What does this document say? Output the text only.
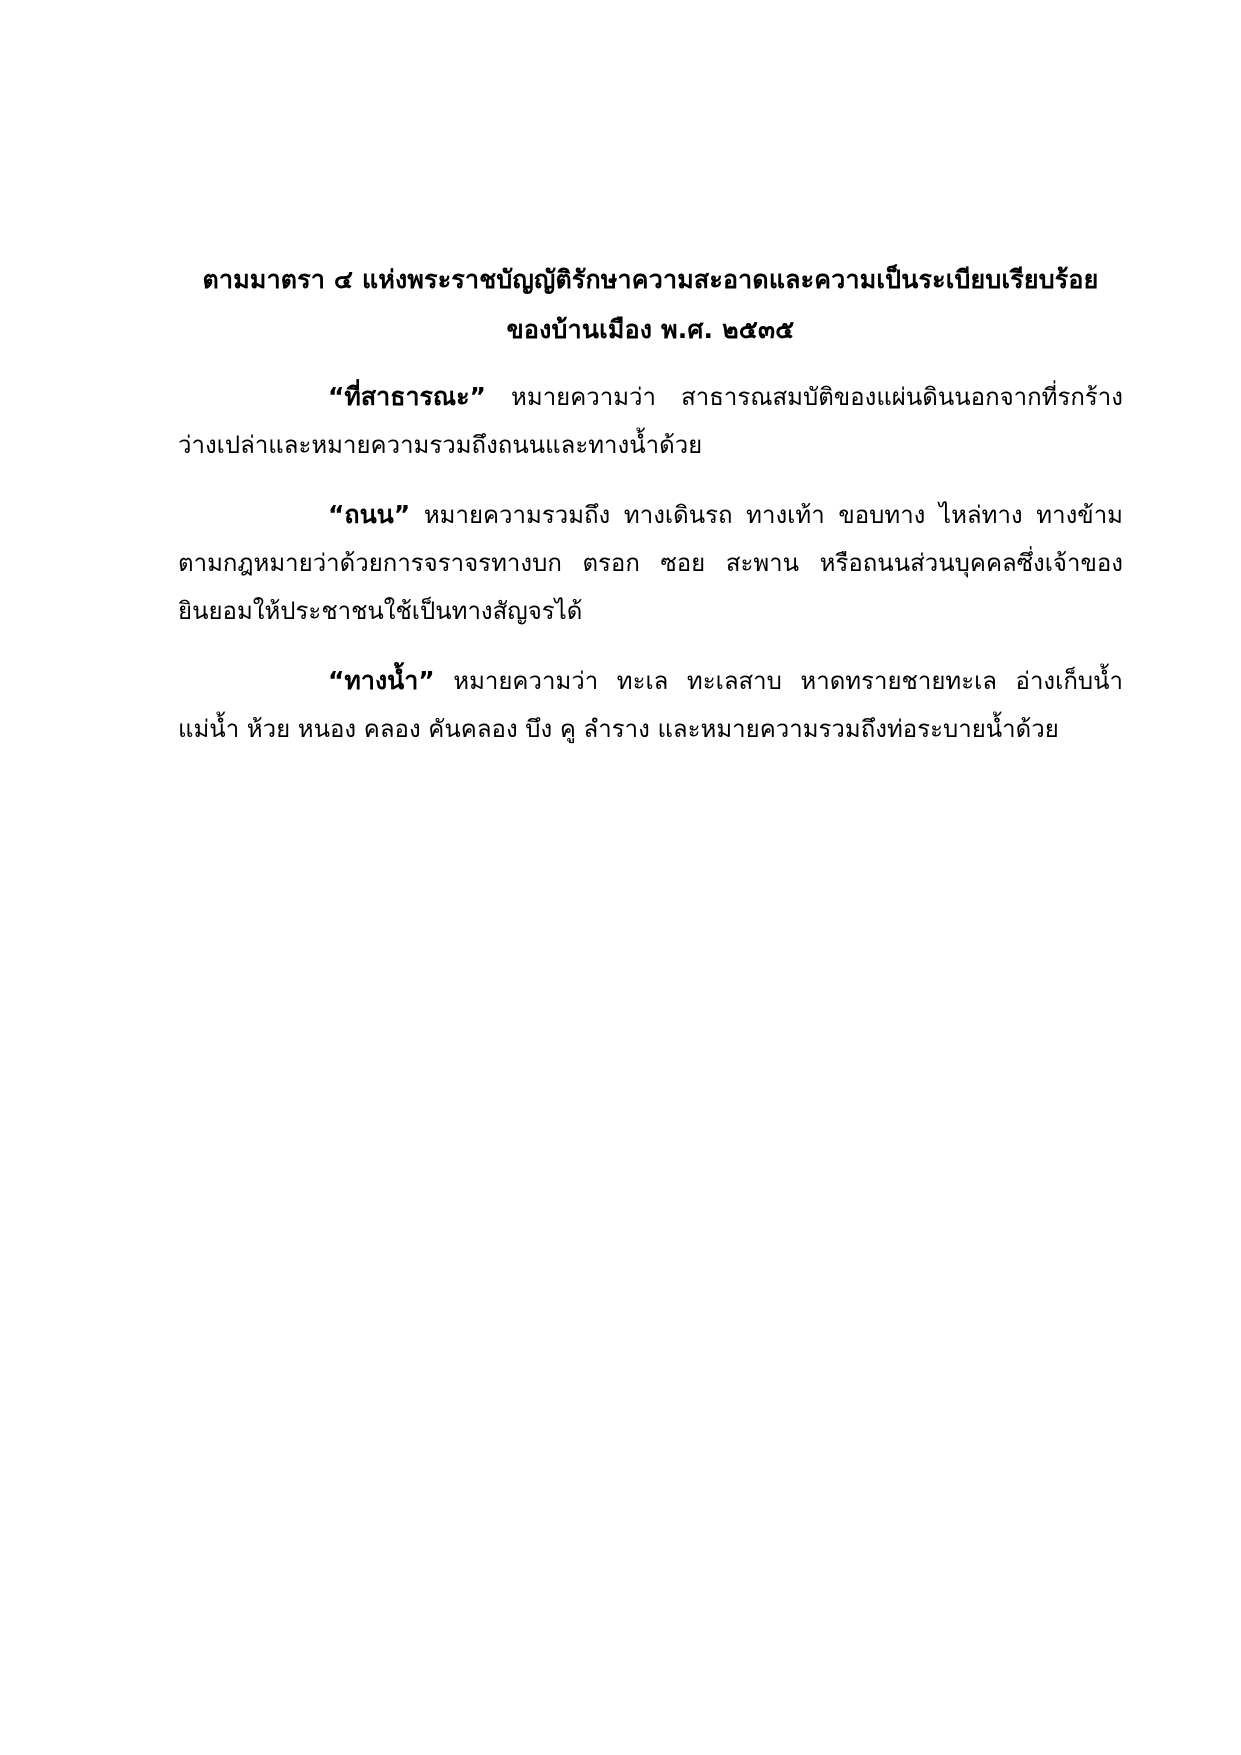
ตามมาตรา ๔ แห่งพระราชบัญญัติรักษาความสะอาดและความเป็นระเบียบเรียบร้อย
ของบ้านเมือง พ.ศ. ๒๕๓๕

“ที่สาธารณะ” หมายความว่า สาธารณสมบัติของแผ่นดินนอกจากที่รกร้างว่างเปล่าและหมายความรวมถึงถนนและทางน้ำด้วย

“ถนน” หมายความรวมถึง ทางเดินรถ ทางเท้า ขอบทาง ไหล่ทาง ทางข้ามตามกฎหมายว่าด้วยการจราจรทางบก ตรอก ซอย สะพาน หรือถนนส่วนบุคคลซึ่งเจ้าของยินยอมให้ประชาชนใช้เป็นทางสัญจรได้

“ทางน้ำ” หมายความว่า ทะเล ทะเลสาบ หาดทรายชายทะเล อ่างเก็บน้ำ แม่น้ำ ห้วย หนอง คลอง คันคลอง บึง คู ลำราง และหมายความรวมถึงท่อระบายน้ำด้วย
